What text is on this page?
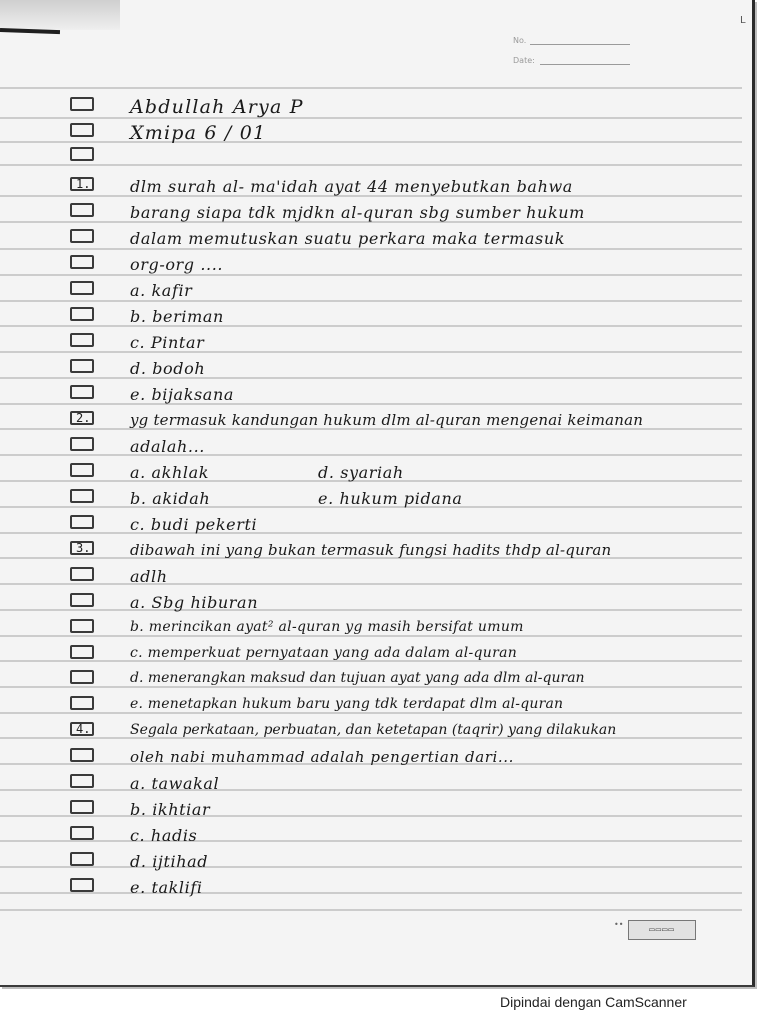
L
No.
Date:
Abdullah Arya P
Xmipa 6 / 01
1. dlm surah al- ma'idah ayat 44 menyebutkan bahwa
barang siapa tdk mjdkn al-quran sbg sumber hukum
dalam memutuskan suatu perkara maka termasuk
org-org ....
a. kafir
b. beriman
c. Pintar
d. bodoh
e. bijaksana
2.	yg termasuk kandungan hukum dlm al-quran mengenai keimanan
adalah...
a. akhlak
b. akidah
c. budi pekerti
d. syariah
e. hukum pidana
3.	dibawah ini yang bukan termasuk fungsi hadits thdp al-quran
adlh
a. Sbg hiburan
b. merincikan ayat² al-quran yg masih bersifat umum
c. memperkuat pernyataan yang ada dalam al-quran
d. menerangkan maksud dan tujuan ayat yang ada dlm al-quran
e. menetapkan hukum baru yang tdk terdapat dlm al-quran
4.	Segala perkataan, perbuatan, dan ketetapan (taqrir) yang dilakukan
oleh nabi muhammad adalah pengertian dari...
a. tawakal
b. ikhtiar
c. hadis
d. ijtihad
e. taklifi
••
▭▭▭▭
Dipindai dengan CamScanner
